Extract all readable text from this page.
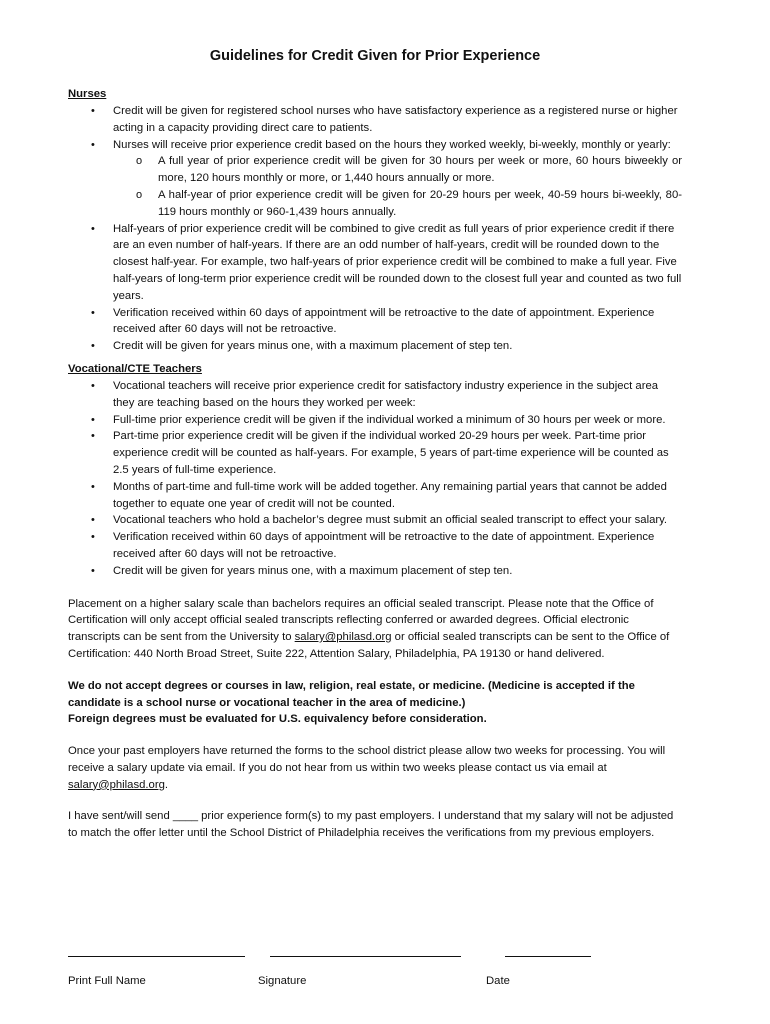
Guidelines for Credit Given for Prior Experience
Nurses
• Credit will be given for registered school nurses who have satisfactory experience as a registered nurse or higher acting in a capacity providing direct care to patients.
• Nurses will receive prior experience credit based on the hours they worked weekly, bi-weekly, monthly or yearly:
o A full year of prior experience credit will be given for 30 hours per week or more, 60 hours biweekly or more, 120 hours monthly or more, or 1,440 hours annually or more.
o A half-year of prior experience credit will be given for 20-29 hours per week, 40-59 hours bi-weekly, 80-119 hours monthly or 960-1,439 hours annually.
• Half-years of prior experience credit will be combined to give credit as full years of prior experience credit if there are an even number of half-years. If there are an odd number of half-years, credit will be rounded down to the closest half-year. For example, two half-years of prior experience credit will be combined to make a full year. Five half-years of long-term prior experience credit will be rounded down to the closest full year and counted as two full years.
• Verification received within 60 days of appointment will be retroactive to the date of appointment. Experience received after 60 days will not be retroactive.
• Credit will be given for years minus one, with a maximum placement of step ten.
Vocational/CTE Teachers
• Vocational teachers will receive prior experience credit for satisfactory industry experience in the subject area they are teaching based on the hours they worked per week:
• Full-time prior experience credit will be given if the individual worked a minimum of 30 hours per week or more.
• Part-time prior experience credit will be given if the individual worked 20-29 hours per week. Part-time prior experience credit will be counted as half-years. For example, 5 years of part-time experience will be counted as 2.5 years of full-time experience.
• Months of part-time and full-time work will be added together. Any remaining partial years that cannot be added together to equate one year of credit will not be counted.
• Vocational teachers who hold a bachelor’s degree must submit an official sealed transcript to effect your salary.
• Verification received within 60 days of appointment will be retroactive to the date of appointment. Experience received after 60 days will not be retroactive.
• Credit will be given for years minus one, with a maximum placement of step ten.

Placement on a higher salary scale than bachelors requires an official sealed transcript. Please note that the Office of Certification will only accept official sealed transcripts reflecting conferred or awarded degrees. Official electronic transcripts can be sent from the University to salary@philasd.org or official sealed transcripts can be sent to the Office of Certification: 440 North Broad Street, Suite 222, Attention Salary, Philadelphia, PA 19130 or hand delivered.

We do not accept degrees or courses in law, religion, real estate, or medicine. (Medicine is accepted if the candidate is a school nurse or vocational teacher in the area of medicine.)
Foreign degrees must be evaluated for U.S. equivalency before consideration.

Once your past employers have returned the forms to the school district please allow two weeks for processing. You will receive a salary update via email. If you do not hear from us within two weeks please contact us via email at salary@philasd.org.

I have sent/will send ____ prior experience form(s) to my past employers. I understand that my salary will not be adjusted to match the offer letter until the School District of Philadelphia receives the verifications from my previous employers.

Print Full Name	Signature	Date
